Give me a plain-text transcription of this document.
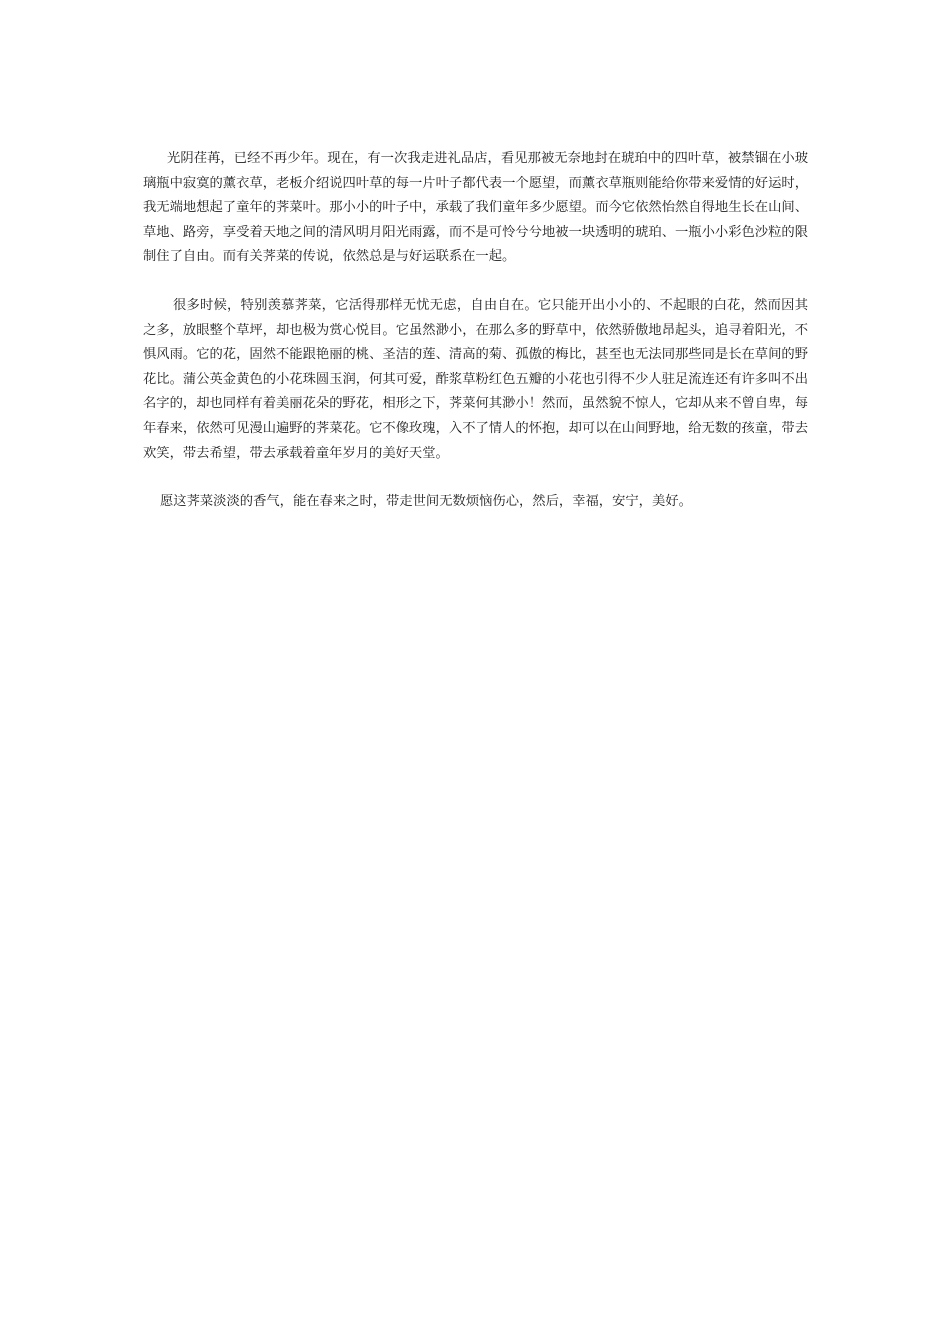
光阴荏苒，已经不再少年。现在，有一次我走进礼品店，看见那被无奈地封在琥珀中的四叶草，被禁锢在小玻璃瓶中寂寞的薰衣草，老板介绍说四叶草的每一片叶子都代表一个愿望，而薰衣草瓶则能给你带来爱情的好运时，我无端地想起了童年的荠菜叶。那小小的叶子中，承载了我们童年多少愿望。而今它依然怡然自得地生长在山间、草地、路旁，享受着天地之间的清风明月阳光雨露，而不是可怜兮兮地被一块透明的琥珀、一瓶小小彩色沙粒的限制住了自由。而有关荠菜的传说，依然总是与好运联系在一起。

很多时候，特别羡慕荠菜，它活得那样无忧无虑，自由自在。它只能开出小小的、不起眼的白花，然而因其之多，放眼整个草坪，却也极为赏心悦目。它虽然渺小，在那么多的野草中，依然骄傲地昂起头，追寻着阳光，不惧风雨。它的花，固然不能跟艳丽的桃、圣洁的莲、清高的菊、孤傲的梅比，甚至也无法同那些同是长在草间的野花比。蒲公英金黄色的小花珠圆玉润，何其可爱，酢浆草粉红色五瓣的小花也引得不少人驻足流连还有许多叫不出名字的，却也同样有着美丽花朵的野花，相形之下，荠菜何其渺小！然而，虽然貌不惊人，它却从来不曾自卑，每年春来，依然可见漫山遍野的荠菜花。它不像玫瑰，入不了情人的怀抱，却可以在山间野地，给无数的孩童，带去欢笑，带去希望，带去承载着童年岁月的美好天堂。

愿这荠菜淡淡的香气，能在春来之时，带走世间无数烦恼伤心，然后，幸福，安宁，美好。
